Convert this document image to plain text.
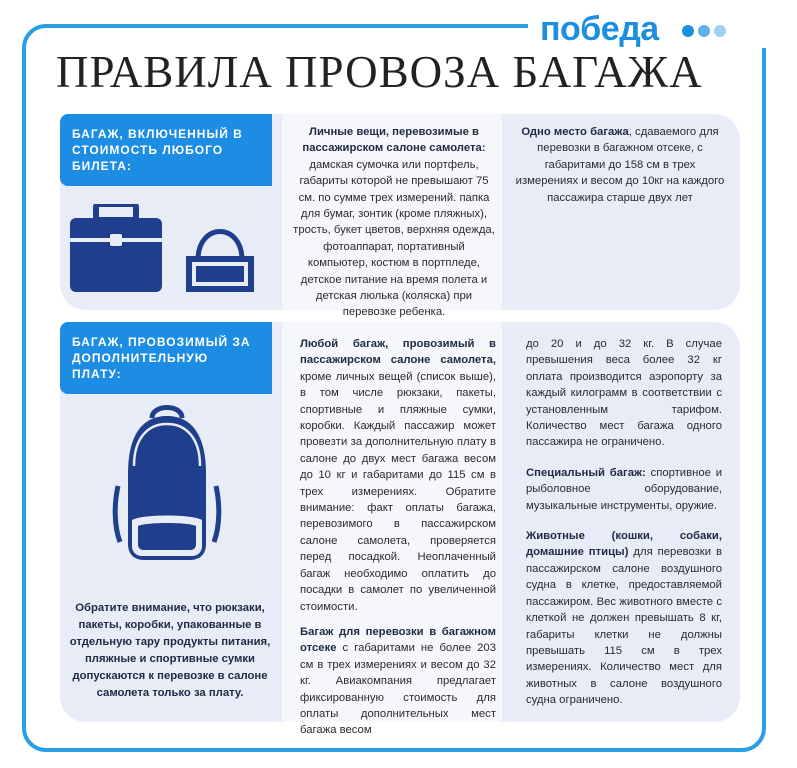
победа
ПРАВИЛА ПРОВОЗА БАГАЖА
БАГАЖ, ВКЛЮЧЕННЫЙ В СТОИМОСТЬ ЛЮБОГО БИЛЕТА:
Личные вещи, перевозимые в пассажирском салоне самолета: дамская сумочка или портфель, габариты которой не превышают 75 см. по сумме трех измерений. папка для бумаг, зонтик (кроме пляжных), трость, букет цветов, верхняя одежда, фотоаппарат, портативный компьютер, костюм в портпледе, детское питание на время полета и детская люлька (коляска) при перевозке ребенка.
Одно место багажа, сдаваемого для перевозки в багажном отсеке, с габаритами до 158 см в трех измерениях и весом до 10кг на каждого пассажира старше двух лет
БАГАЖ, ПРОВОЗИМЫЙ ЗА ДОПОЛНИТЕЛЬНУЮ ПЛАТУ:
Обратите внимание, что рюкзаки, пакеты, коробки, упакованные в отдельную тару продукты питания, пляжные и спортивные сумки допускаются к перевозке в салоне самолета только за плату.

Любой багаж, провозимый в пассажирском салоне самолета, кроме личных вещей (список выше), в том числе рюкзаки, пакеты, спортивные и пляжные сумки, коробки. Каждый пассажир может провезти за дополнительную плату в салоне до двух мест багажа весом до 10 кг и габаритами до 115 см в трех измерениях. Обратите внимание: факт оплаты багажа, перевозимого в пассажирском салоне самолета, проверяется перед посадкой. Неоплаченный багаж необходимо оплатить до посадки в самолет по увеличенной стоимости.

Багаж для перевозки в багажном отсеке с габаритами не более 203 см в трех измерениях и весом до 32 кг. Авиакомпания предлагает фиксированную стоимость для оплаты дополнительных мест багажа весом

до 20 и до 32 кг. В случае превышения веса более 32 кг оплата производится аэропорту за каждый килограмм в соответствии с установленным тарифом. Количество мест багажа одного пассажира не ограничено.

Специальный багаж: спортивное и рыболовное оборудование, музыкальные инструменты, оружие.

Животные (кошки, собаки, домашние птицы) для перевозки в пассажирском салоне воздушного судна в клетке, предоставляемой пассажиром. Вес животного вместе с клеткой не должен превышать 8 кг, габариты клетки не должны превышать 115 см в трех измерениях. Количество мест для животных в салоне воздушного судна ограничено.
